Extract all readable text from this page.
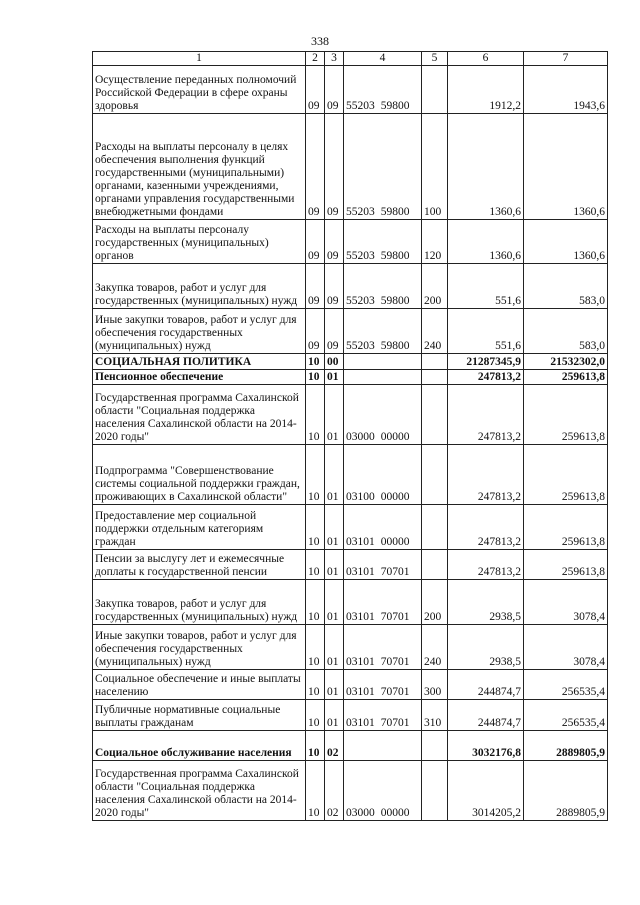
338
1	2	3	4	5	6	7
Осуществление переданных полномочий Российской Федерации в сфере охраны здоровья	09	09	55203 59800		1912,2	1943,6
Расходы на выплаты персоналу в целях обеспечения выполнения функций государственными (муниципальными) органами, казенными учреждениями, органами управления государственными внебюджетными фондами	09	09	55203 59800	100	1360,6	1360,6
Расходы на выплаты персоналу государственных (муниципальных) органов	09	09	55203 59800	120	1360,6	1360,6
Закупка товаров, работ и услуг для государственных (муниципальных) нужд	09	09	55203 59800	200	551,6	583,0
Иные закупки товаров, работ и услуг для обеспечения государственных (муниципальных) нужд	09	09	55203 59800	240	551,6	583,0
СОЦИАЛЬНАЯ ПОЛИТИКА	10	00			21287345,9	21532302,0
Пенсионное обеспечение	10	01			247813,2	259613,8
Государственная программа Сахалинской области "Социальная поддержка населения Сахалинской области на 2014-2020 годы"	10	01	03000 00000		247813,2	259613,8
Подпрограмма "Совершенствование системы социальной поддержки граждан, проживающих в Сахалинской области"	10	01	03100 00000		247813,2	259613,8
Предоставление мер социальной поддержки отдельным категориям граждан	10	01	03101 00000		247813,2	259613,8
Пенсии за выслугу лет и ежемесячные доплаты к государственной пенсии	10	01	03101 70701		247813,2	259613,8
Закупка товаров, работ и услуг для государственных (муниципальных) нужд	10	01	03101 70701	200	2938,5	3078,4
Иные закупки товаров, работ и услуг для обеспечения государственных (муниципальных) нужд	10	01	03101 70701	240	2938,5	3078,4
Социальное обеспечение и иные выплаты населению	10	01	03101 70701	300	244874,7	256535,4
Публичные нормативные социальные выплаты гражданам	10	01	03101 70701	310	244874,7	256535,4
Социальное обслуживание населения	10	02			3032176,8	2889805,9
Государственная программа Сахалинской области "Социальная поддержка населения Сахалинской области на 2014-2020 годы"	10	02	03000 00000		3014205,2	2889805,9
